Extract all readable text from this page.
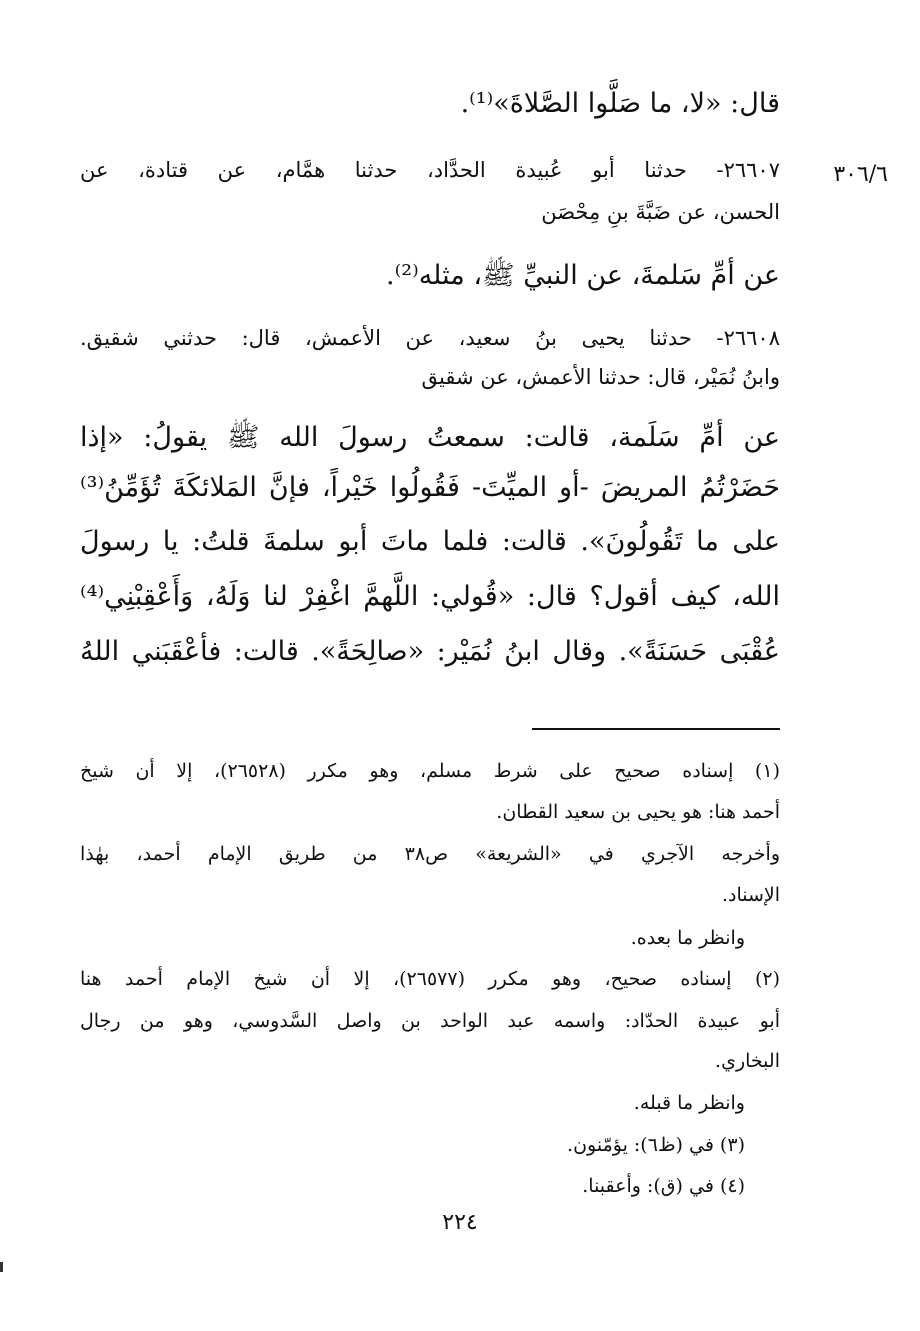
٣٠٦/٦
قال: «لا، ما صَلَّوا الصَّلاةَ»⁽¹⁾.
٢٦٦٠٧- حدثنا أبو عُبيدة الحدَّاد، حدثنا همَّام، عن قتادة، عن
الحسن، عن ضَبَّةَ بنِ مِحْصَن
عن أمِّ سَلمةَ، عن النبيِّ ﷺ، مثله⁽²⁾.
٢٦٦٠٨- حدثنا يحيى بنُ سعيد، عن الأعمش، قال: حدثني شقيق.
وابنُ نُمَيْر، قال: حدثنا الأعمش، عن شقيق
عن أمِّ سَلَمة، قالت: سمعتُ رسولَ الله ﷺ يقولُ: «إذا
حَضَرْتُمُ المريضَ -أو الميِّتَ- فَقُولُوا خَيْراً، فإنَّ المَلائكَةَ تُؤَمِّنُ⁽³⁾
على ما تَقُولُونَ». قالت: فلما ماتَ أبو سلمةَ قلتُ: يا رسولَ
الله، كيف أقول؟ قال: «قُولي: اللَّهمَّ اغْفِرْ لنا وَلَهُ، وَأَعْقِبْنِي⁽⁴⁾
عُقْبَى حَسَنَةً». وقال ابنُ نُمَيْر: «صالِحَةً». قالت: فأعْقَبَني اللهُ
(١) إسناده صحيح على شرط مسلم، وهو مكرر (٢٦٥٢٨)، إلا أن شيخ
أحمد هنا: هو يحيى بن سعيد القطان.
وأخرجه الآجري في «الشريعة» ص٣٨ من طريق الإمام أحمد، بهٰذا
الإسناد.
وانظر ما بعده.
(٢) إسناده صحيح، وهو مكرر (٢٦٥٧٧)، إلا أن شيخ الإمام أحمد هنا
أبو عبيدة الحدّاد: واسمه عبد الواحد بن واصل السَّدوسي، وهو من رجال
البخاري.
وانظر ما قبله.
(٣) في (ظ٦): يؤمّنون.
(٤) في (ق): وأعقبنا.
٢٢٤
